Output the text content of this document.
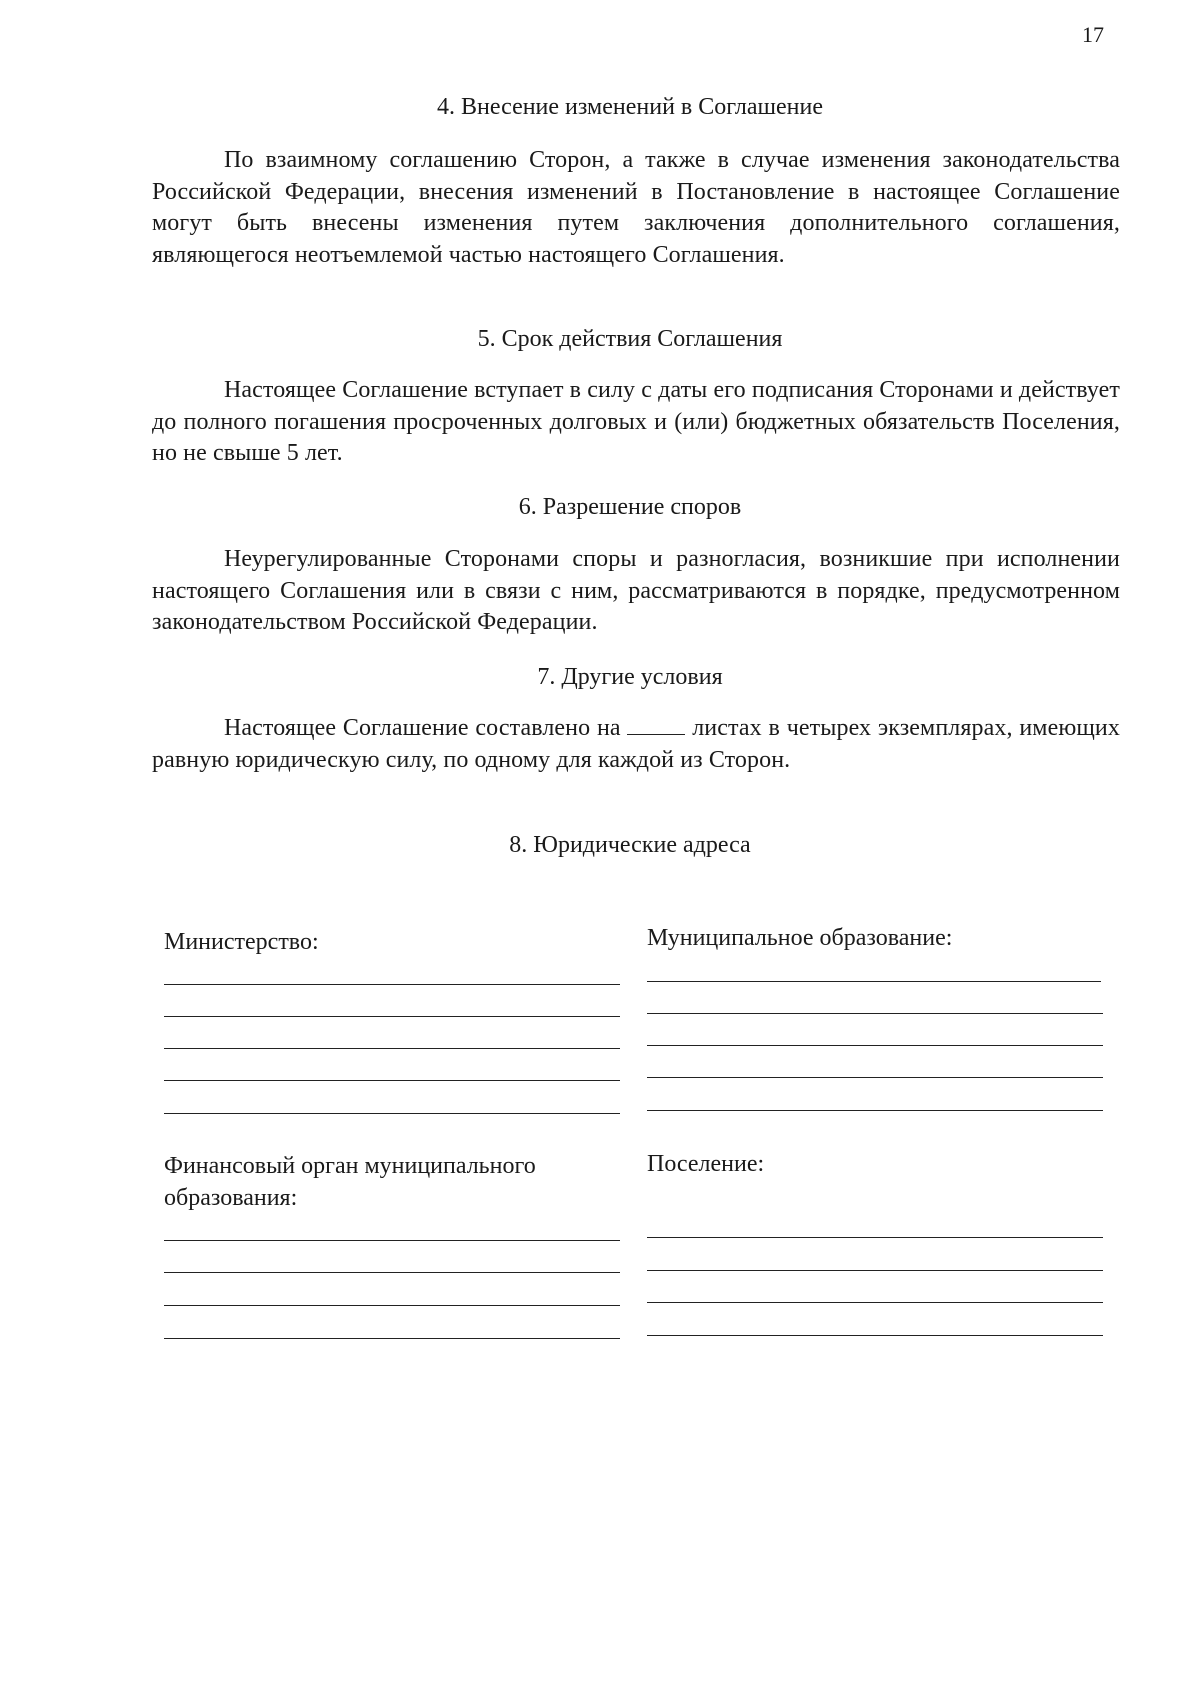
17
4. Внесение изменений в Соглашение
По взаимному соглашению Сторон, а также в случае изменения законодательства Российской Федерации, внесения изменений в Постановление в настоящее Соглашение могут быть внесены изменения путем заключения дополнительного соглашения, являющегося неотъемлемой частью настоящего Соглашения.
5. Срок действия Соглашения
Настоящее Соглашение вступает в силу с даты его подписания Сторонами и действует до полного погашения просроченных долговых и (или) бюджетных обязательств Поселения, но не свыше 5 лет.
6. Разрешение споров
Неурегулированные Сторонами споры и разногласия, возникшие при исполнении настоящего Соглашения или в связи с ним, рассматриваются в порядке, предусмотренном законодательством Российской Федерации.
7. Другие условия
Настоящее Соглашение составлено на	листах в четырех экземплярах, имеющих равную юридическую силу, по одному для каждой из Сторон.
8. Юридические адреса
Министерство:	Муниципальное образование:
Финансовый орган муниципального
образования:
Поселение:
